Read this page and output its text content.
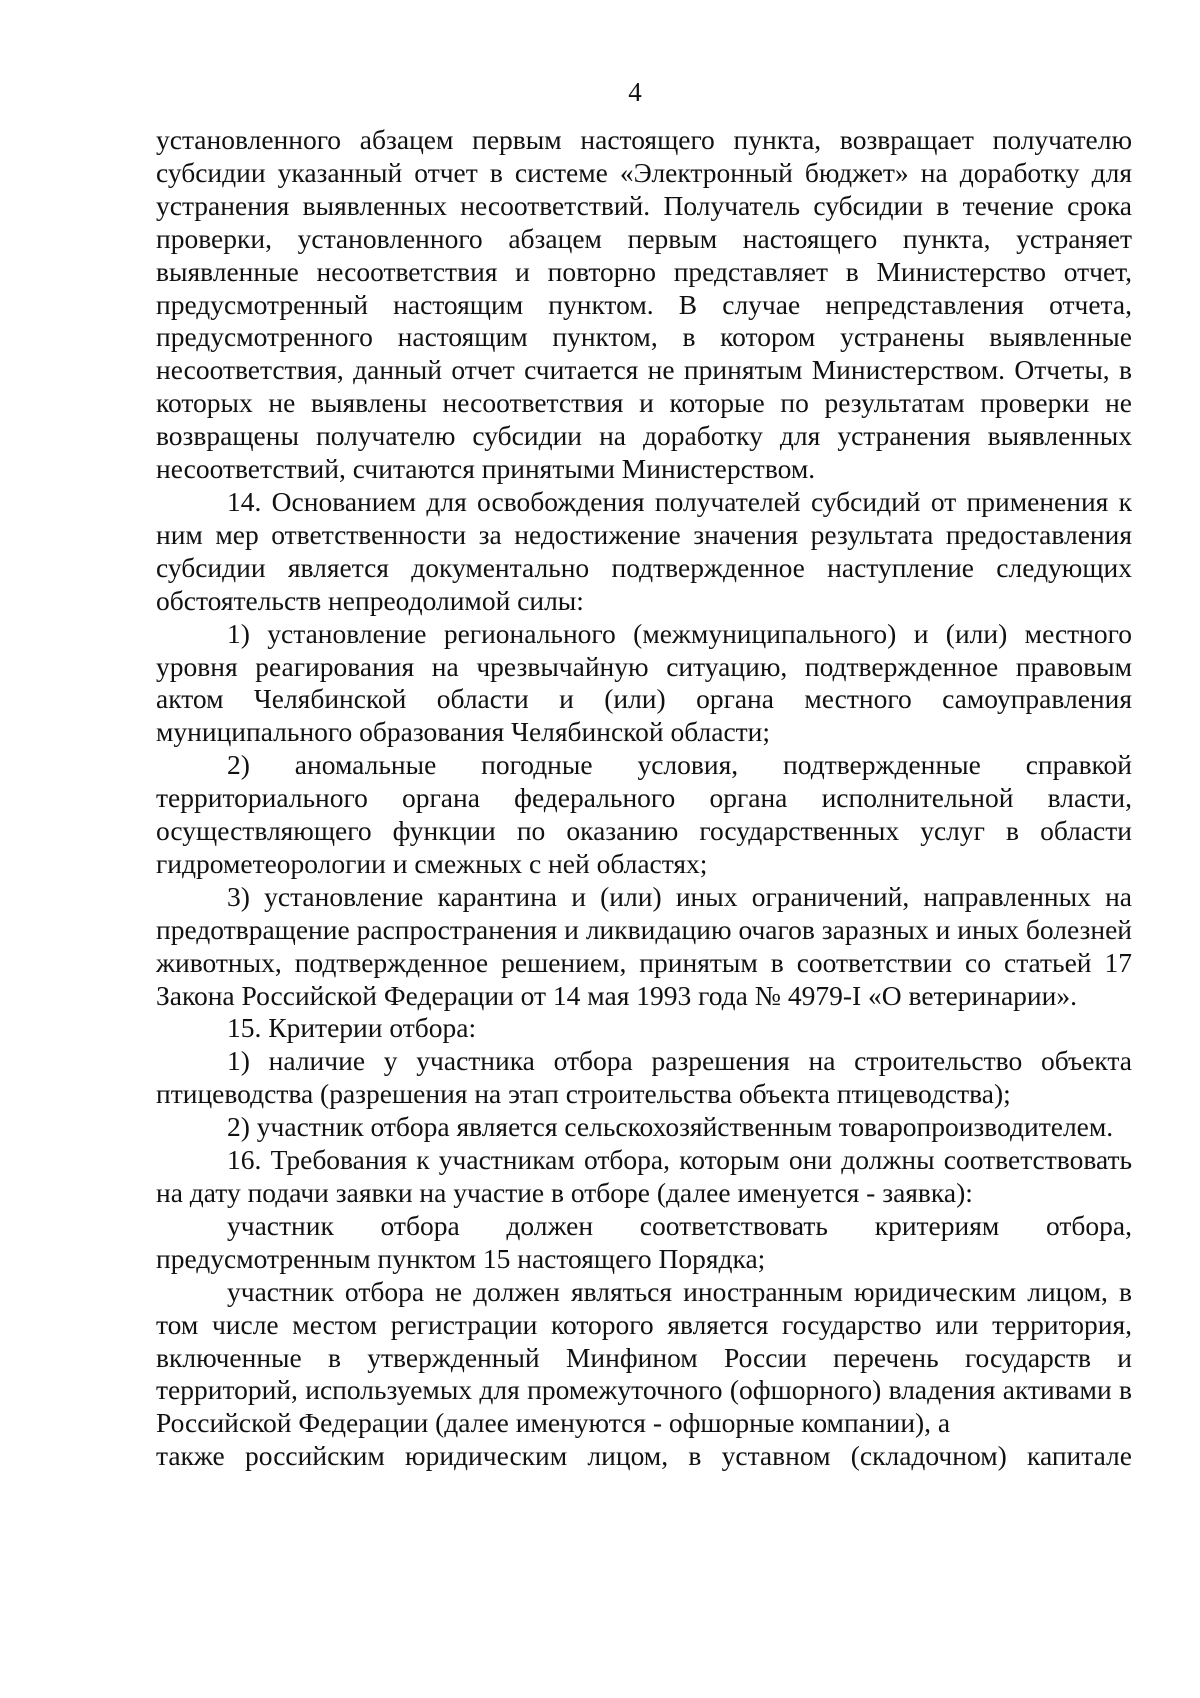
4

установленного абзацем первым настоящего пункта, возвращает получателю субсидии указанный отчет в системе «Электронный бюджет» на доработку для устранения выявленных несоответствий. Получатель субсидии в течение срока проверки, установленного абзацем первым настоящего пункта, устраняет выявленные несоответствия и повторно представляет в Министерство отчет, предусмотренный настоящим пунктом. В случае непредставления отчета, предусмотренного настоящим пунктом, в котором устранены выявленные несоответствия, данный отчет считается не принятым Министерством. Отчеты, в которых не выявлены несоответствия и которые по результатам проверки не возвращены получателю субсидии на доработку для устранения выявленных несоответствий, считаются принятыми Министерством.

14. Основанием для освобождения получателей субсидий от применения к ним мер ответственности за недостижение значения результата предоставления субсидии является документально подтвержденное наступление следующих обстоятельств непреодолимой силы:

1) установление регионального (межмуниципального) и (или) местного уровня реагирования на чрезвычайную ситуацию, подтвержденное правовым актом Челябинской области и (или) органа местного самоуправления муниципального образования Челябинской области;

2) аномальные погодные условия, подтвержденные справкой территориального органа федерального органа исполнительной власти, осуществляющего функции по оказанию государственных услуг в области гидрометеорологии и смежных с ней областях;

3) установление карантина и (или) иных ограничений, направленных на предотвращение распространения и ликвидацию очагов заразных и иных болезней животных, подтвержденное решением, принятым в соответствии со статьей 17 Закона Российской Федерации от 14 мая 1993 года № 4979-I «О ветеринарии».

15. Критерии отбора:

1) наличие у участника отбора разрешения на строительство объекта птицеводства (разрешения на этап строительства объекта птицеводства);

2) участник отбора является сельскохозяйственным товаропроизводителем.

16. Требования к участникам отбора, которым они должны соответствовать на дату подачи заявки на участие в отборе (далее именуется - заявка):

участник отбора должен соответствовать критериям отбора, предусмотренным пунктом 15 настоящего Порядка;

участник отбора не должен являться иностранным юридическим лицом, в том числе местом регистрации которого является государство или территория, включенные в утвержденный Минфином России перечень государств и территорий, используемых для промежуточного (офшорного) владения активами в Российской Федерации (далее именуются - офшорные компании), а

также российским юридическим лицом, в уставном (складочном) капитале
